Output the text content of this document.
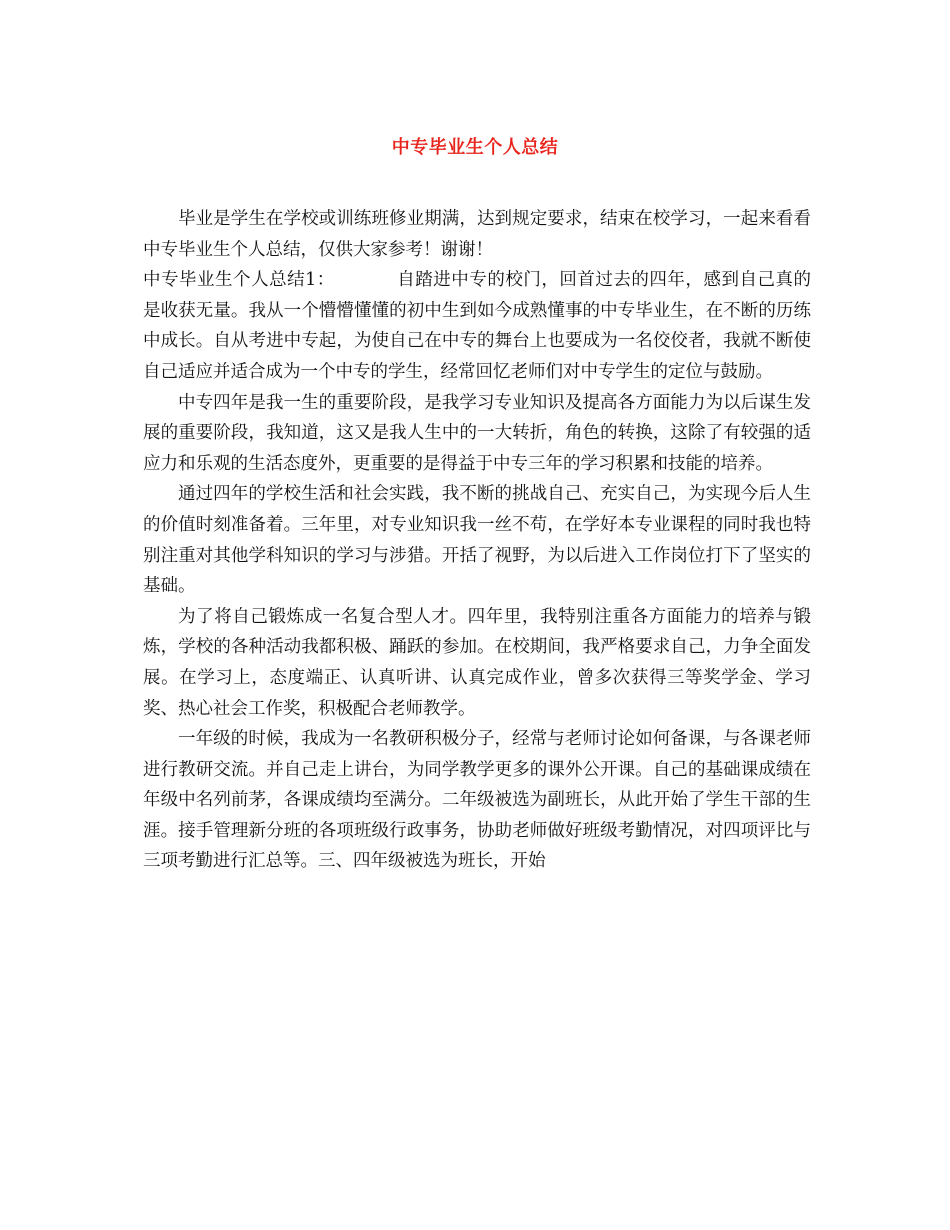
中专毕业生个人总结

毕业是学生在学校或训练班修业期满，达到规定要求，结束在校学习，一起来看看中专毕业生个人总结，仅供大家参考！谢谢！

中专毕业生个人总结1：	自踏进中专的校门，回首过去的四年，感到自己真的是收获无量。我从一个懵懵懂懂的初中生到如今成熟懂事的中专毕业生，在不断的历练中成长。自从考进中专起，为使自己在中专的舞台上也要成为一名佼佼者，我就不断使自己适应并适合成为一个中专的学生，经常回忆老师们对中专学生的定位与鼓励。

中专四年是我一生的重要阶段，是我学习专业知识及提高各方面能力为以后谋生发展的重要阶段，我知道，这又是我人生中的一大转折，角色的转换，这除了有较强的适应力和乐观的生活态度外，更重要的是得益于中专三年的学习积累和技能的培养。

通过四年的学校生活和社会实践，我不断的挑战自己、充实自己，为实现今后人生的价值时刻准备着。三年里，对专业知识我一丝不苟，在学好本专业课程的同时我也特别注重对其他学科知识的学习与涉猎。开括了视野，为以后进入工作岗位打下了坚实的基础。

为了将自己锻炼成一名复合型人才。四年里，我特别注重各方面能力的培养与锻炼，学校的各种活动我都积极、踊跃的参加。在校期间，我严格要求自己，力争全面发展。在学习上，态度端正、认真听讲、认真完成作业，曾多次获得三等奖学金、学习奖、热心社会工作奖，积极配合老师教学。

一年级的时候，我成为一名教研积极分子，经常与老师讨论如何备课，与各课老师进行教研交流。并自己走上讲台，为同学教学更多的课外公开课。自己的基础课成绩在年级中名列前茅，各课成绩均至满分。二年级被选为副班长，从此开始了学生干部的生涯。接手管理新分班的各项班级行政事务，协助老师做好班级考勤情况，对四项评比与三项考勤进行汇总等。三、四年级被选为班长，开始
